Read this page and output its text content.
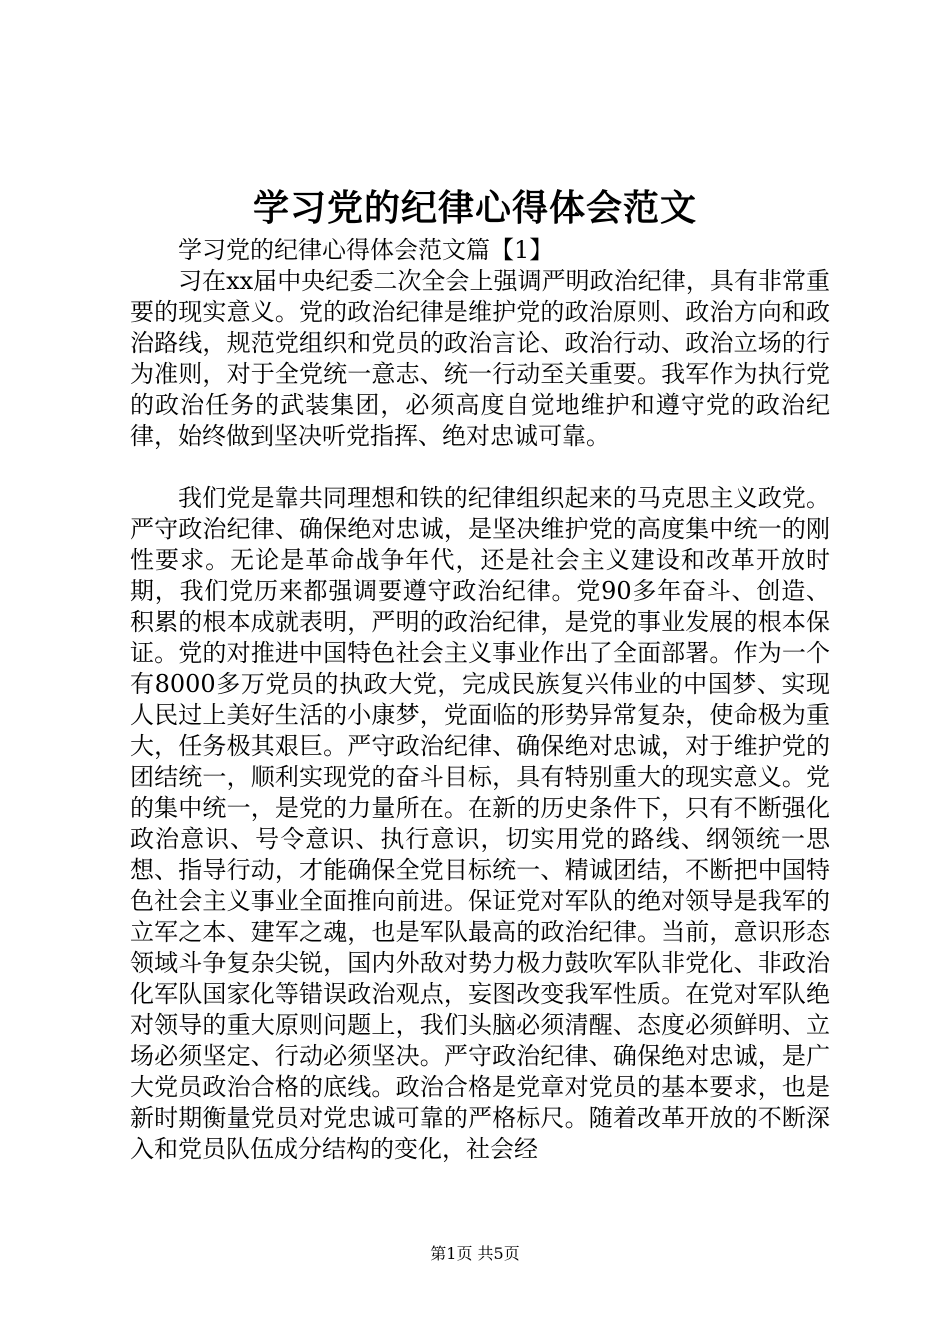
学习党的纪律心得体会范文

学习党的纪律心得体会范文篇【1】

习在xx届中央纪委二次全会上强调严明政治纪律，具有非常重要的现实意义。党的政治纪律是维护党的政治原则、政治方向和政治路线，规范党组织和党员的政治言论、政治行动、政治立场的行为准则，对于全党统一意志、统一行动至关重要。我军作为执行党的政治任务的武装集团，必须高度自觉地维护和遵守党的政治纪律，始终做到坚决听党指挥、绝对忠诚可靠。

我们党是靠共同理想和铁的纪律组织起来的马克思主义政党。严守政治纪律、确保绝对忠诚，是坚决维护党的高度集中统一的刚性要求。无论是革命战争年代，还是社会主义建设和改革开放时期，我们党历来都强调要遵守政治纪律。党90多年奋斗、创造、积累的根本成就表明，严明的政治纪律，是党的事业发展的根本保证。党的对推进中国特色社会主义事业作出了全面部署。作为一个有8000多万党员的执政大党，完成民族复兴伟业的中国梦、实现人民过上美好生活的小康梦，党面临的形势异常复杂，使命极为重大，任务极其艰巨。严守政治纪律、确保绝对忠诚，对于维护党的团结统一，顺利实现党的奋斗目标，具有特别重大的现实意义。党的集中统一，是党的力量所在。在新的历史条件下，只有不断强化政治意识、号令意识、执行意识，切实用党的路线、纲领统一思想、指导行动，才能确保全党目标统一、精诚团结，不断把中国特色社会主义事业全面推向前进。保证党对军队的绝对领导是我军的立军之本、建军之魂，也是军队最高的政治纪律。当前，意识形态领域斗争复杂尖锐，国内外敌对势力极力鼓吹军队非党化、非政治化军队国家化等错误政治观点，妄图改变我军性质。在党对军队绝对领导的重大原则问题上，我们头脑必须清醒、态度必须鲜明、立场必须坚定、行动必须坚决。严守政治纪律、确保绝对忠诚，是广大党员政治合格的底线。政治合格是党章对党员的基本要求，也是新时期衡量党员对党忠诚可靠的严格标尺。随着改革开放的不断深入和党员队伍成分结构的变化，社会经

第1页 共5页
